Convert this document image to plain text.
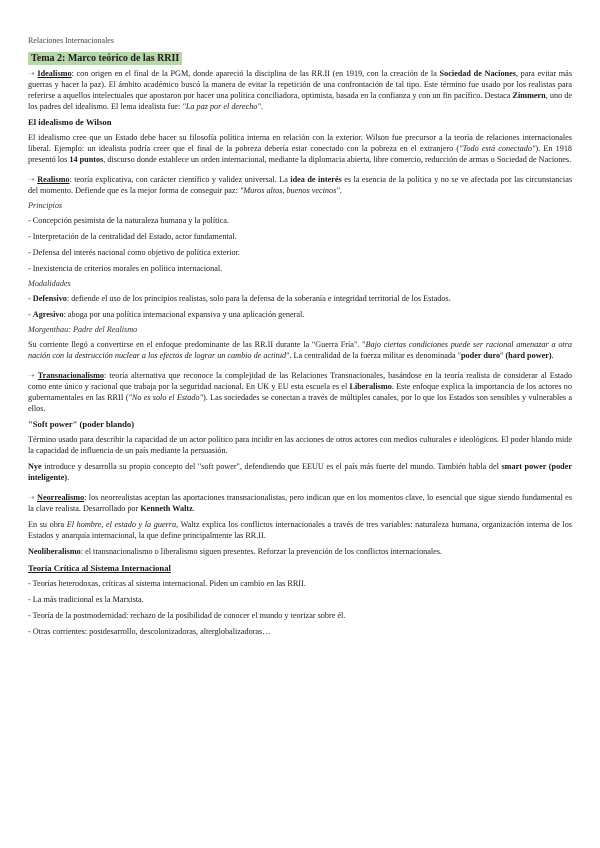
Relaciones Internacionales
Tema 2: Marco teórico de las RRII

➝ Idealismo: con origen en el final de la PGM, donde apareció la disciplina de las RR.II (en 1919, con la creación de la Sociedad de Naciones, para evitar más guerras y hacer la paz). El ámbito académico buscó la manera de evitar la repetición de una confrontación de tal tipo. Este término fue usado por los realistas para referirse a aquellos intelectuales que apostaron por hacer una política conciliadora, optimista, basada en la confianza y con un fin pacífico. Destaca Zimmern, uno de los padres del idealismo. El lema idealista fue: "La paz por el derecho".

El idealismo de Wilson

El idealismo cree que un Estado debe hacer su filosofía política interna en relación con la exterior. Wilson fue precursor a la teoría de relaciones internacionales liberal. Ejemplo: un idealista podría creer que el final de la pobreza debería estar conectado con la pobreza en el extranjero ("Todo está conectado"). En 1918 presentó los 14 puntos, discurso donde establece un orden internacional, mediante la diplomacia abierta, libre comercio, reducción de armas o Sociedad de Naciones.

➝ Realismo: teoría explicativa, con carácter científico y validez universal. La idea de interés es la esencia de la política y no se ve afectada por las circunstancias del momento. Defiende que es la mejor forma de conseguir paz: "Muros altos, buenos vecinos".

Principios
- Concepción pesimista de la naturaleza humana y la política.
- Interpretación de la centralidad del Estado, actor fundamental.
- Defensa del interés nacional como objetivo de política exterior.
- Inexistencia de criterios morales en política internacional.
Modalidades
- Defensivo: defiende el uso de los principios realistas, solo para la defensa de la soberanía e integridad territorial de los Estados.
- Agresivo: aboga por una política internacional expansiva y una aplicación general.
Morgenthau: Padre del Realismo

Su corriente llegó a convertirse en el enfoque predominante de las RR.II durante la "Guerra Fría". "Bajo ciertas condiciones puede ser racional amenazar a otra nación con la destrucción nuclear a los efectos de lograr un cambio de actitud". La centralidad de la fuerza militar es denominada "poder duro" (hard power).

➝ Transnacionalismo: teoría alternativa que reconoce la complejidad de las Relaciones Transnacionales, basándose en la teoría realista de considerar al Estado como ente único y racional que trabaja por la seguridad nacional. En UK y EU esta escuela es el Liberalismo. Este enfoque explica la importancia de los actores no gubernamentales en las RRII ("No es solo el Estado"). Las sociedades se conectan a través de múltiples canales, por lo que los Estados son sensibles y vulnerables a ellos.

"Soft power" (poder blando)

Término usado para describir la capacidad de un actor político para incidir en las acciones de otros actores con medios culturales e ideológicos. El poder blando mide la capacidad de influencia de un país mediante la persuasión.

Nye introduce y desarrolla su propio concepto del "soft power", defendiendo que EEUU es el país más fuerte del mundo. También habla del smart power (poder inteligente).

➝ Neorrealismo: los neorrealistas aceptan las aportaciones transnacionalistas, pero indican que en los momentos clave, lo esencial que sigue siendo fundamental es la clave realista. Desarrollado por Kenneth Waltz.

En su obra El hombre, el estado y la guerra, Waltz explica los conflictos internacionales a través de tres variables: naturaleza humana, organización interna de los Estados y anarquía internacional, la que define principalmente las RR.II.

Neoliberalismo: el transnacionalismo o liberalismo siguen presentes. Reforzar la prevención de los conflictos internacionales.

Teoría Crítica al Sistema Internacional
- Teorías heterodoxas, críticas al sistema internacional. Piden un cambio en las RRII.
- La más tradicional es la Marxista.
- Teoría de la postmodernidad: rechazo de la posibilidad de conocer el mundo y teorizar sobre él.
- Otras corrientes: postdesarrollo, descolonizadoras, alterglobalizadoras…
